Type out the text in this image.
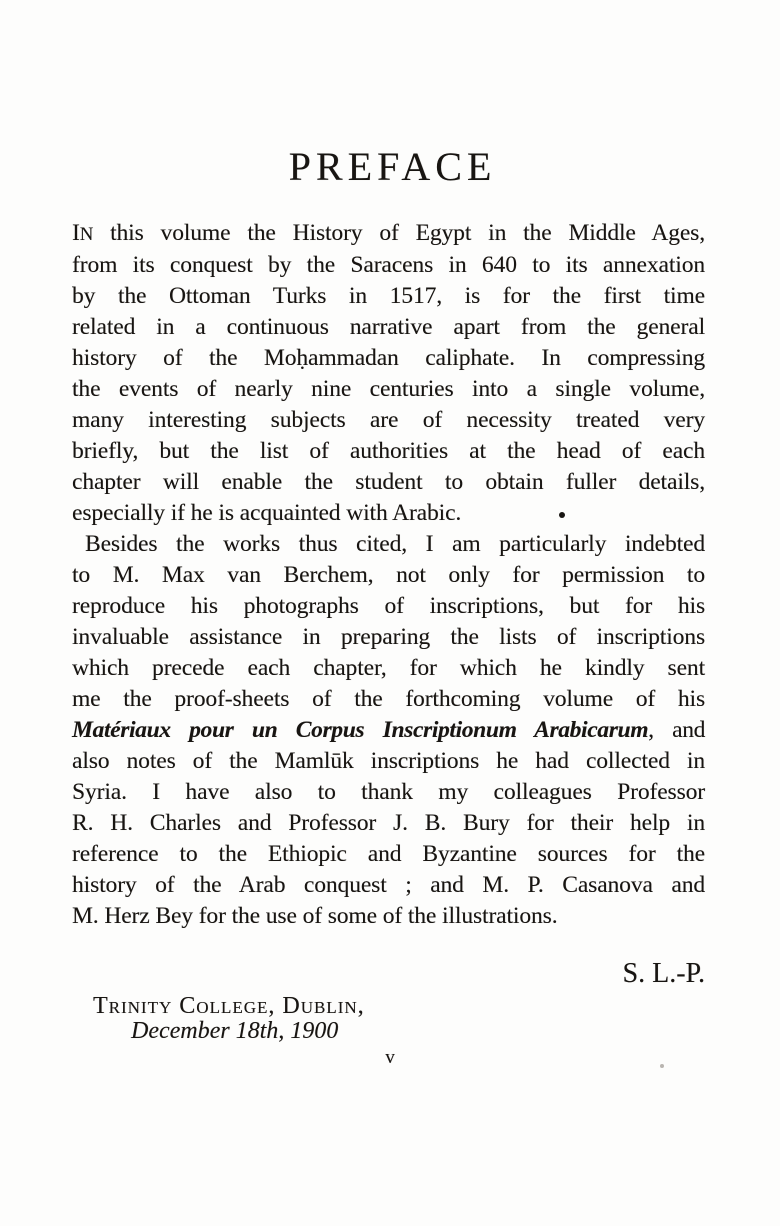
PREFACE
IN this volume the History of Egypt in the Middle Ages,
from its conquest by the Saracens in 640 to its annexation
by the Ottoman Turks in 1517, is for the first time
related in a continuous narrative apart from the general
history of the Moḥammadan caliphate. In compressing
the events of nearly nine centuries into a single volume,
many interesting subjects are of necessity treated very
briefly, but the list of authorities at the head of each
chapter will enable the student to obtain fuller details,
especially if he is acquainted with Arabic.
Besides the works thus cited, I am particularly indebted
to M. Max van Berchem, not only for permission to
reproduce his photographs of inscriptions, but for his
invaluable assistance in preparing the lists of inscriptions
which precede each chapter, for which he kindly sent
me the proof-sheets of the forthcoming volume of his
Matériaux pour un Corpus Inscriptionum Arabicarum, and
also notes of the Mamlūk inscriptions he had collected in
Syria. I have also to thank my colleagues Professor
R. H. Charles and Professor J. B. Bury for their help in
reference to the Ethiopic and Byzantine sources for the
history of the Arab conquest ; and M. P. Casanova and
M. Herz Bey for the use of some of the illustrations.
S. L.-P.
Trinity College, Dublin,
December 18th, 1900
v
